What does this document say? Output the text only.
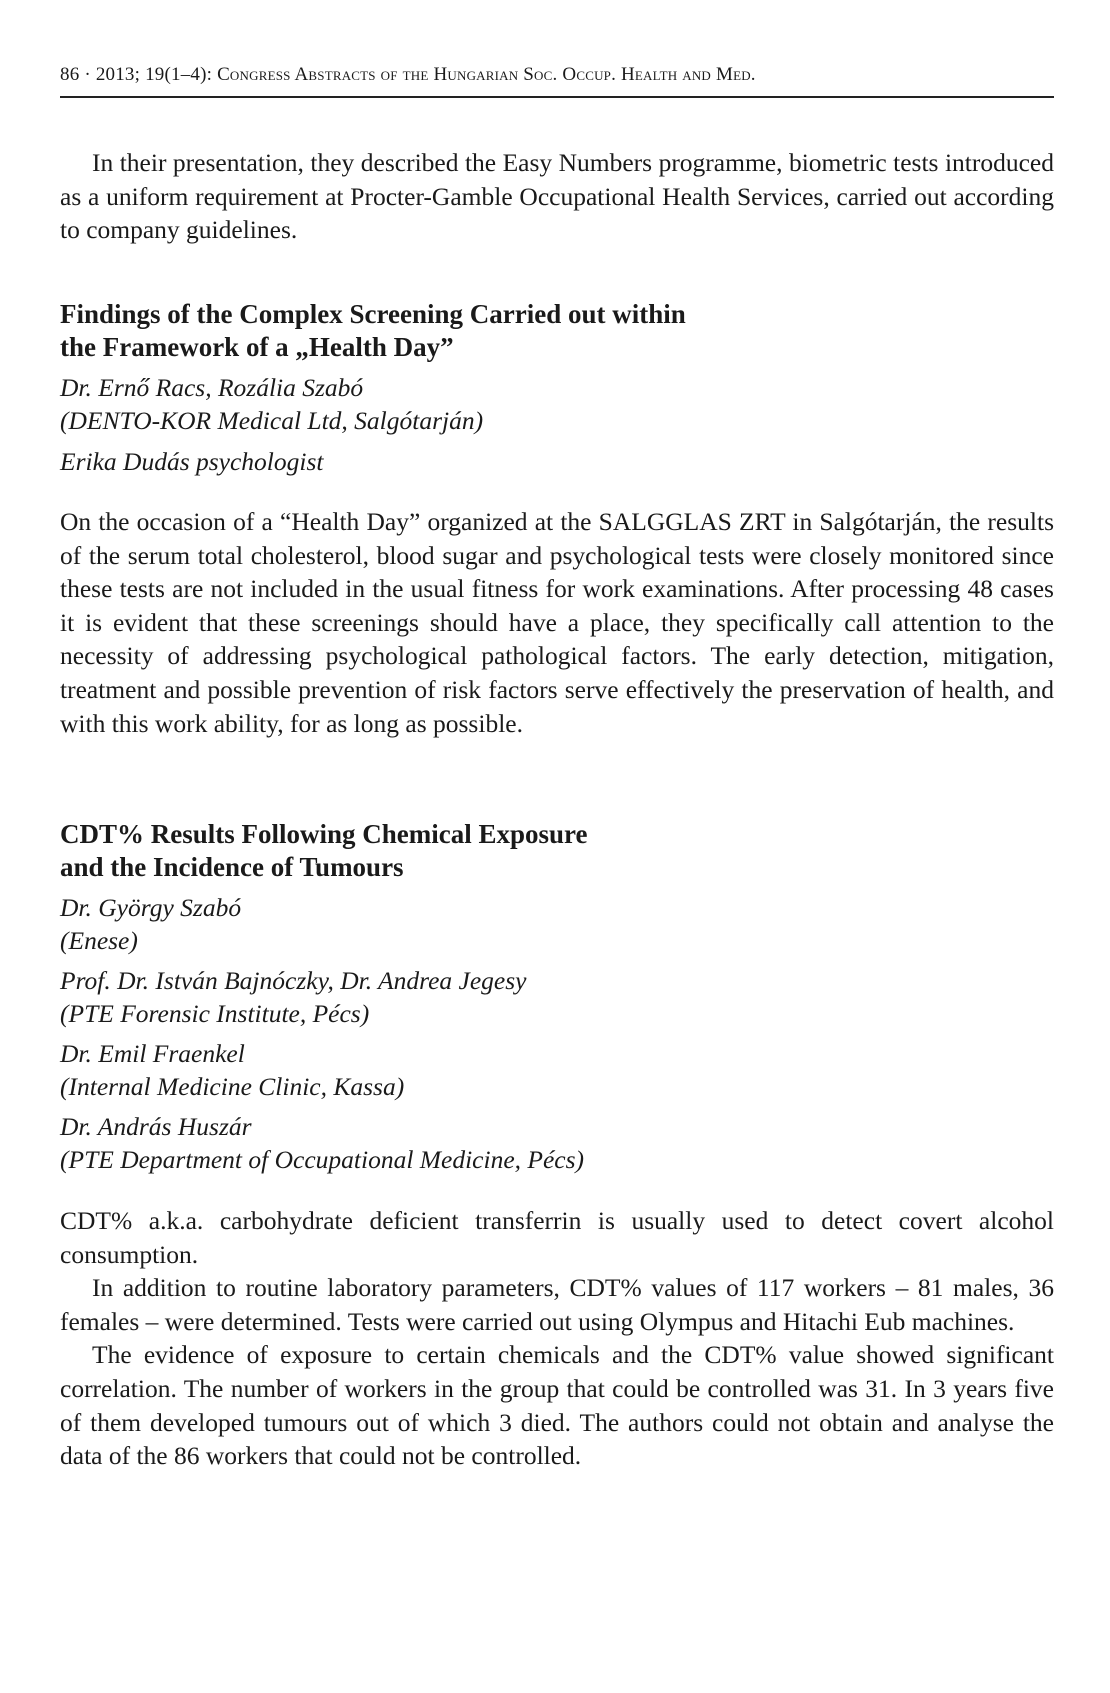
86 · 2013; 19(1–4): Congress Abstracts of the Hungarian Soc. Occup. Health and Med.

In their presentation, they described the Easy Numbers programme, biometric tests introduced as a uniform requirement at Procter-Gamble Occupational Health Services, carried out according to company guidelines.

Findings of the Complex Screening Carried out within
the Framework of a „Health Day”
Dr. Ernő Racs, Rozália Szabó
(DENTO-KOR Medical Ltd, Salgótarján)
Erika Dudás psychologist

On the occasion of a “Health Day” organized at the SALGGLAS ZRT in Salgótarján, the results of the serum total cholesterol, blood sugar and psychological tests were closely monitored since these tests are not included in the usual fitness for work examinations. After processing 48 cases it is evident that these screenings should have a place, they specifically call attention to the necessity of addressing psychological pathological factors. The early detection, mitigation, treatment and possible prevention of risk factors serve effectively the preservation of health, and with this work ability, for as long as possible.

CDT% Results Following Chemical Exposure
and the Incidence of Tumours
Dr. György Szabó
(Enese)
Prof. Dr. István Bajnóczky, Dr. Andrea Jegesy
(PTE Forensic Institute, Pécs)
Dr. Emil Fraenkel
(Internal Medicine Clinic, Kassa)
Dr. András Huszár
(PTE Department of Occupational Medicine, Pécs)

CDT% a.k.a. carbohydrate deficient transferrin is usually used to detect covert alcohol consumption.

In addition to routine laboratory parameters, CDT% values of 117 workers – 81 males, 36 females – were determined. Tests were carried out using Olympus and Hitachi Eub machines.

The evidence of exposure to certain chemicals and the CDT% value showed significant correlation. The number of workers in the group that could be controlled was 31. In 3 years five of them developed tumours out of which 3 died. The authors could not obtain and analyse the data of the 86 workers that could not be controlled.
